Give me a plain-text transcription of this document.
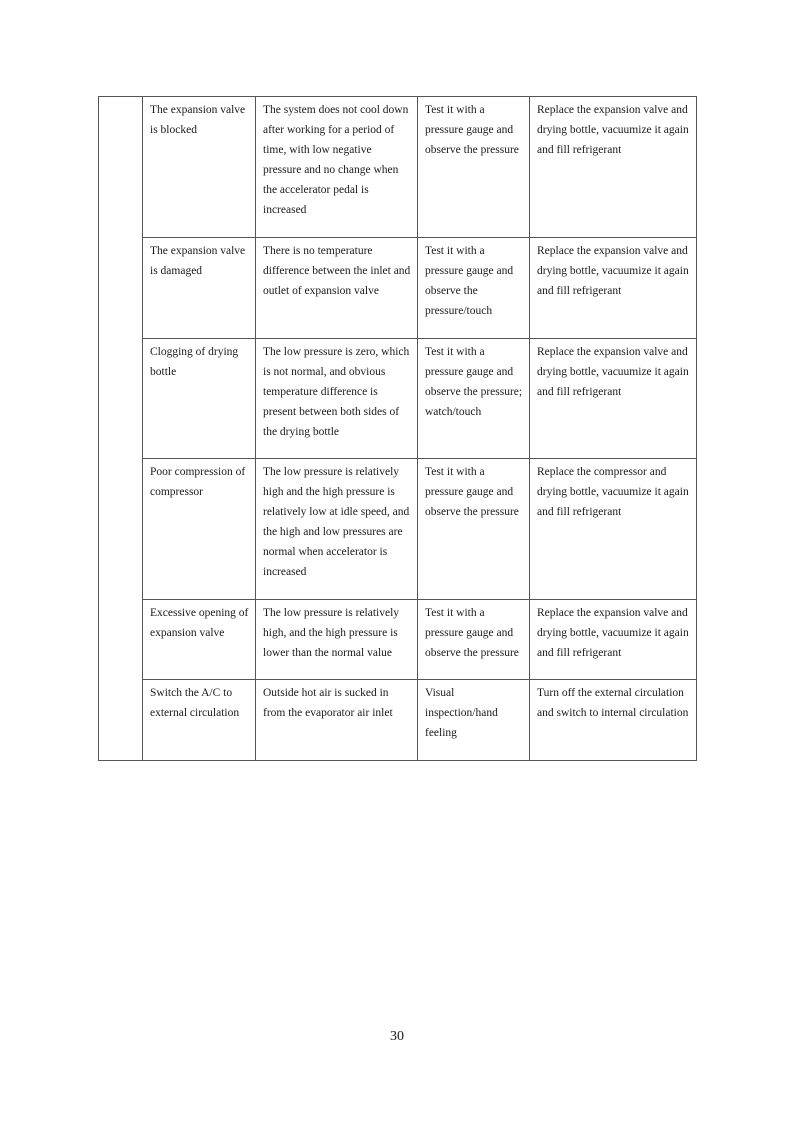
	The expansion valve is blocked	The system does not cool down after working for a period of time, with low negative pressure and no change when the accelerator pedal is increased	Test it with a pressure gauge and observe the pressure	Replace the expansion valve and drying bottle, vacuumize it again and fill refrigerant
	The expansion valve is damaged	There is no temperature difference between the inlet and outlet of expansion valve	Test it with a pressure gauge and observe the pressure/touch	Replace the expansion valve and drying bottle, vacuumize it again and fill refrigerant
	Clogging of drying bottle	The low pressure is zero, which is not normal, and obvious temperature difference is present between both sides of the drying bottle	Test it with a pressure gauge and observe the pressure; watch/touch	Replace the expansion valve and drying bottle, vacuumize it again and fill refrigerant
	Poor compression of compressor	The low pressure is relatively high and the high pressure is relatively low at idle speed, and the high and low pressures are normal when accelerator is increased	Test it with a pressure gauge and observe the pressure	Replace the compressor and drying bottle, vacuumize it again and fill refrigerant
	Excessive opening of expansion valve	The low pressure is relatively high, and the high pressure is lower than the normal value	Test it with a pressure gauge and observe the pressure	Replace the expansion valve and drying bottle, vacuumize it again and fill refrigerant
	Switch the A/C to external circulation	Outside hot air is sucked in from the evaporator air inlet	Visual inspection/hand feeling	Turn off the external circulation and switch to internal circulation
30
